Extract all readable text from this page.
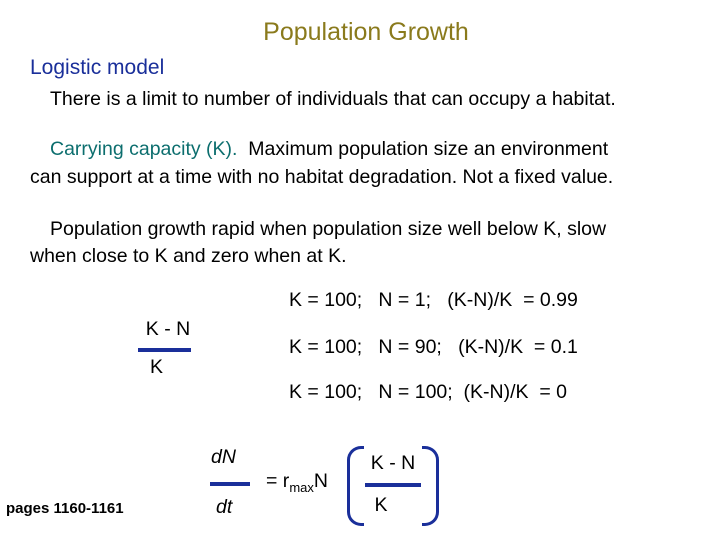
Population Growth
Logistic model
There is a limit to number of individuals that can occupy a habitat.
Carrying capacity (K).  Maximum population size an environment
can support at a time with no habitat degradation. Not a fixed value.
Population growth rapid when population size well below K, slow
when close to K and zero when at K.
K - N
K
K = 100;   N = 1;   (K-N)/K  = 0.99
K = 100;   N = 90;   (K-N)/K  = 0.1
K = 100;   N = 100;  (K-N)/K  = 0
dN
dt
= $r_{max}N$
K - N
K
pages 1160-1161
